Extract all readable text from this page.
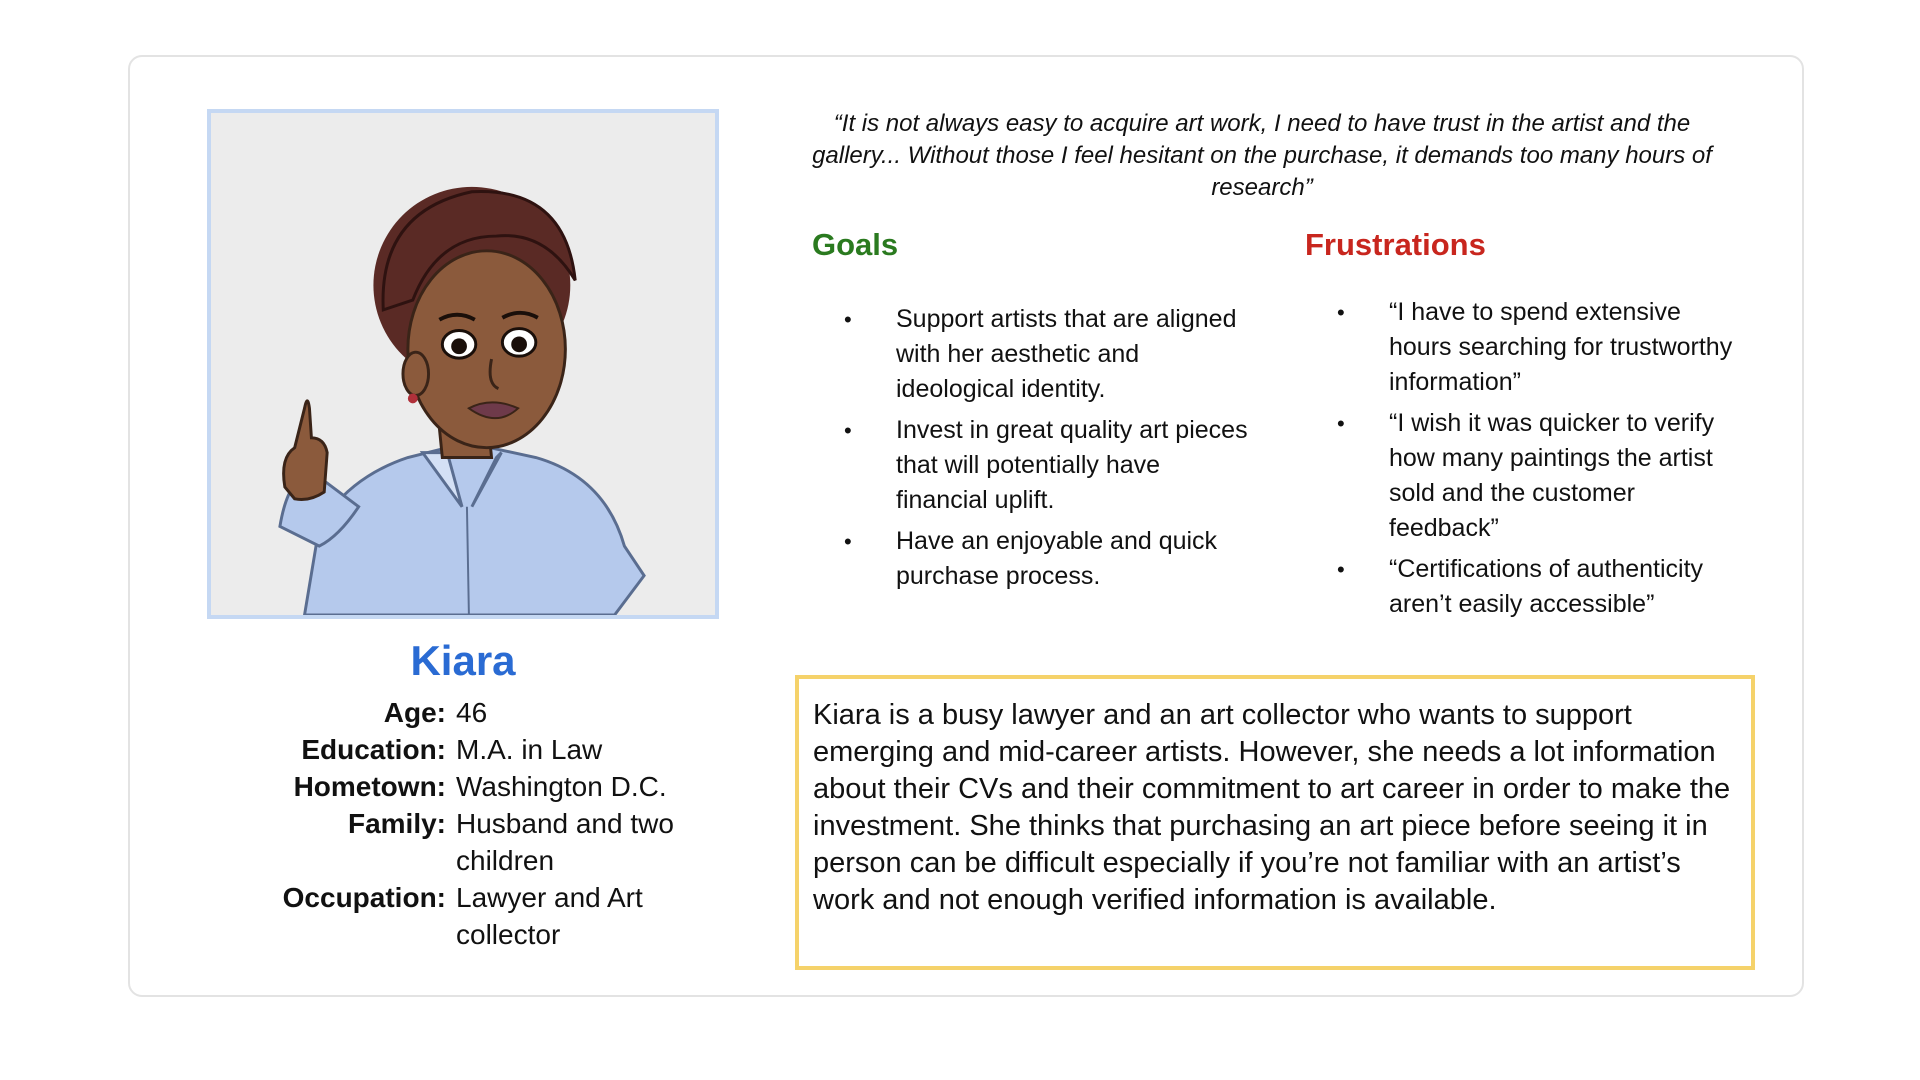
Kiara
Age: 46
Education: M.A. in Law
Hometown: Washington D.C.
Family: Husband and two children
Occupation: Lawyer and Art collector
“It is not always easy to acquire art work, I need to have trust in the artist and the gallery... Without those I feel hesitant on the purchase, it demands too many hours of research”
Goals	Frustrations
• Support artists that are aligned with her aesthetic and ideological identity.
• Invest in great quality art pieces that will potentially have financial uplift.
• Have an enjoyable and quick purchase process.
• “I have to spend extensive hours searching for trustworthy information”
• “I wish it was quicker to verify how many paintings the artist sold and the customer feedback”
• “Certifications of authenticity aren’t easily accessible”
Kiara is a busy lawyer and an art collector who wants to support emerging and mid-career artists. However, she needs a lot information about their CVs and their commitment to art career in order to make the investment. She thinks that purchasing an art piece before seeing it in person can be difficult especially if you’re not familiar with an artist’s work and not enough verified information is available.
